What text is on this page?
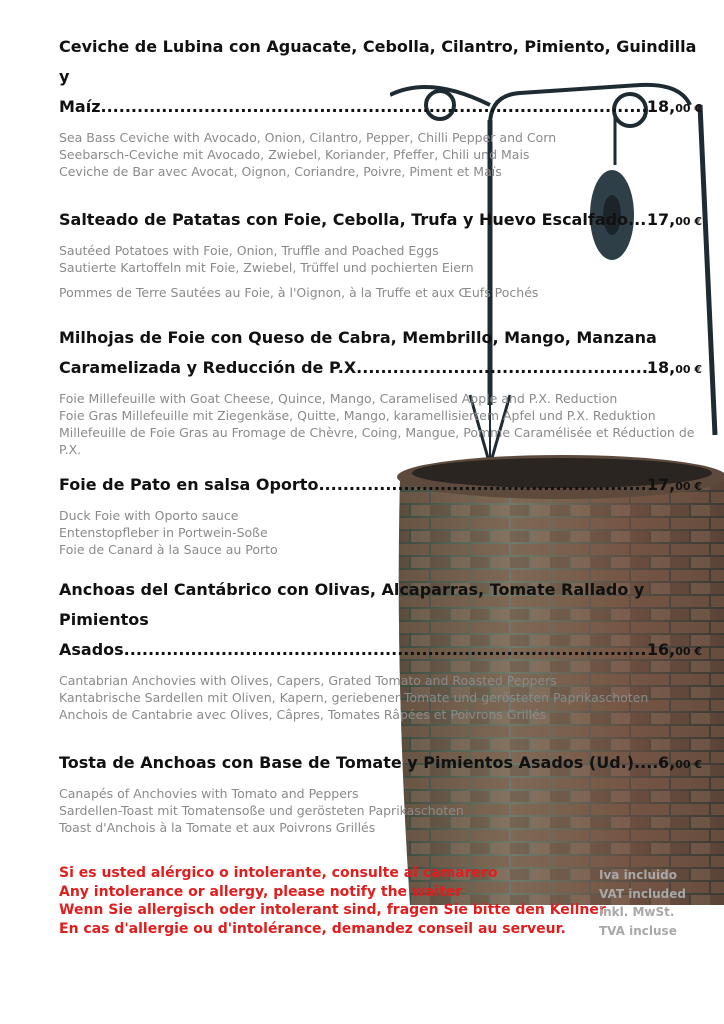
Ceviche de Lubina con Aguacate, Cebolla, Cilantro, Pimiento, Guindilla y

Maíz .....	18,00 €

Sea Bass Ceviche with Avocado, Onion, Cilantro, Pepper, Chilli Pepper and Corn

Seebarsch-Ceviche mit Avocado, Zwiebel, Koriander, Pfeffer, Chili und Mais

Ceviche de Bar avec Avocat, Oignon, Coriandre, Poivre, Piment et Maïs

Salteado de Patatas con Foie, Cebolla, Trufa y Huevo Escalfado ..... 17,00 €

Sautéed Potatoes with Foie, Onion, Truffle and Poached Eggs

Sautierte Kartoffeln mit Foie, Zwiebel, Trüffel und pochierten Eiern

Pommes de Terre Sautées au Foie, à l'Oignon, à la Truffe et aux Œufs Pochés

Milhojas de Foie con Queso de Cabra, Membrillo, Mango, Manzana

Caramelizada y Reducción de P.X. .....	18,00 €

Foie Millefeuille with Goat Cheese, Quince, Mango, Caramelised Apple and P.X. Reduction

Foie Gras Millefeuille mit Ziegenkäse, Quitte, Mango, karamellisiertem Apfel und P.X. Reduktion

Millefeuille de Foie Gras au Fromage de Chèvre, Coing, Mangue, Pomme Caramélisée et Réduction de P.X.

Foie de Pato en salsa Oporto .....	17,00 €

Duck Foie with Oporto sauce

Entenstopfleber in Portwein-Soße

Foie de Canard à la Sauce au Porto

Anchoas del Cantábrico con Olivas, Alcaparras, Tomate Rallado y Pimientos

Asados .....	16,00 €

Cantabrian Anchovies with Olives, Capers, Grated Tomato and Roasted Peppers

Kantabrische Sardellen mit Oliven, Kapern, geriebener Tomate und gerösteten Paprikaschoten

Anchois de Cantabrie avec Olives, Câpres, Tomates Râpées et Poivrons Grillés

Tosta de Anchoas con Base de Tomate y Pimientos Asados (Ud.) ..... 6,00 €

Canapés of Anchovies with Tomato and Peppers

Sardellen-Toast mit Tomatensoße und gerösteten Paprikaschoten

Toast d'Anchois à la Tomate et aux Poivrons Grillés

Si es usted alérgico o intolerante, consulte al camarero
Any intolerance or allergy, please notify the waiter
Wenn Sie allergisch oder intolerant sind, fragen Sie bitte den Kellner
En cas d'allergie ou d'intolérance, demandez conseil au serveur.
Iva incluido
VAT included
inkl. MwSt.
TVA incluse
